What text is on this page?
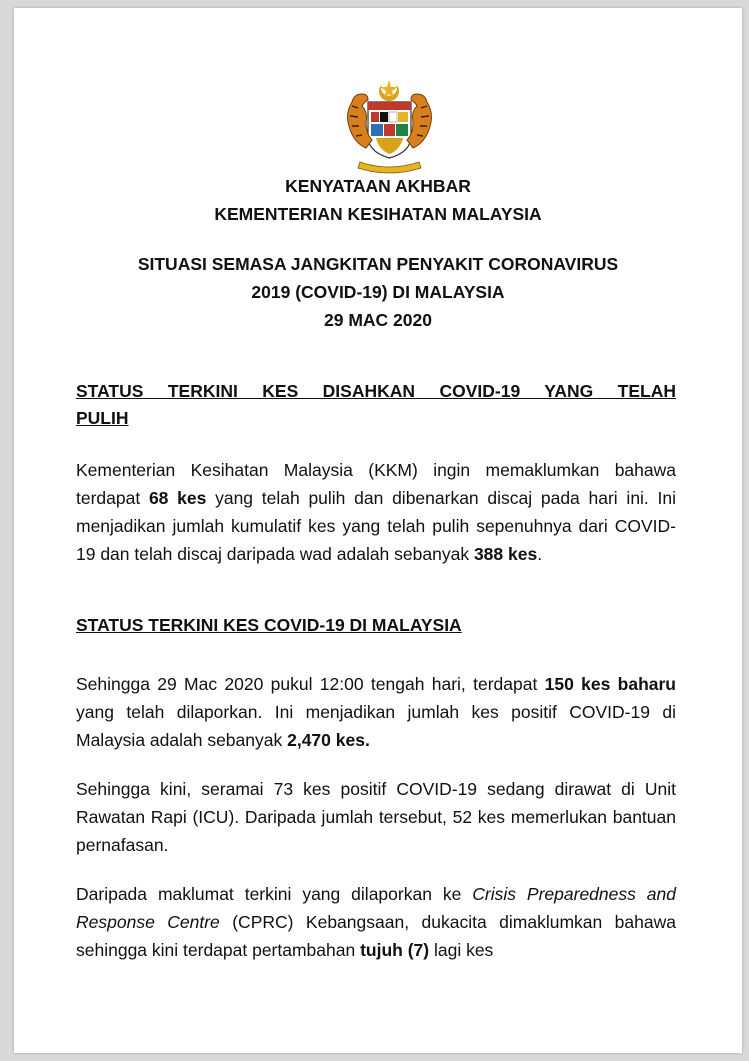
KENYATAAN AKHBAR
KEMENTERIAN KESIHATAN MALAYSIA
SITUASI SEMASA JANGKITAN PENYAKIT CORONAVIRUS
2019 (COVID-19) DI MALAYSIA
29 MAC 2020
STATUS TERKINI KES DISAHKAN COVID-19 YANG TELAH
PULIH
Kementerian Kesihatan Malaysia (KKM) ingin memaklumkan bahawa terdapat 68 kes yang telah pulih dan dibenarkan discaj pada hari ini. Ini menjadikan jumlah kumulatif kes yang telah pulih sepenuhnya dari COVID-19 dan telah discaj daripada wad adalah sebanyak 388 kes.
STATUS TERKINI KES COVID-19 DI MALAYSIA
Sehingga 29 Mac 2020 pukul 12:00 tengah hari, terdapat 150 kes baharu yang telah dilaporkan. Ini menjadikan jumlah kes positif COVID-19 di Malaysia adalah sebanyak 2,470 kes.
Sehingga kini, seramai 73 kes positif COVID-19 sedang dirawat di Unit Rawatan Rapi (ICU). Daripada jumlah tersebut, 52 kes memerlukan bantuan pernafasan.
Daripada maklumat terkini yang dilaporkan ke Crisis Preparedness and Response Centre (CPRC) Kebangsaan, dukacita dimaklumkan bahawa sehingga kini terdapat pertambahan tujuh (7) lagi kes
